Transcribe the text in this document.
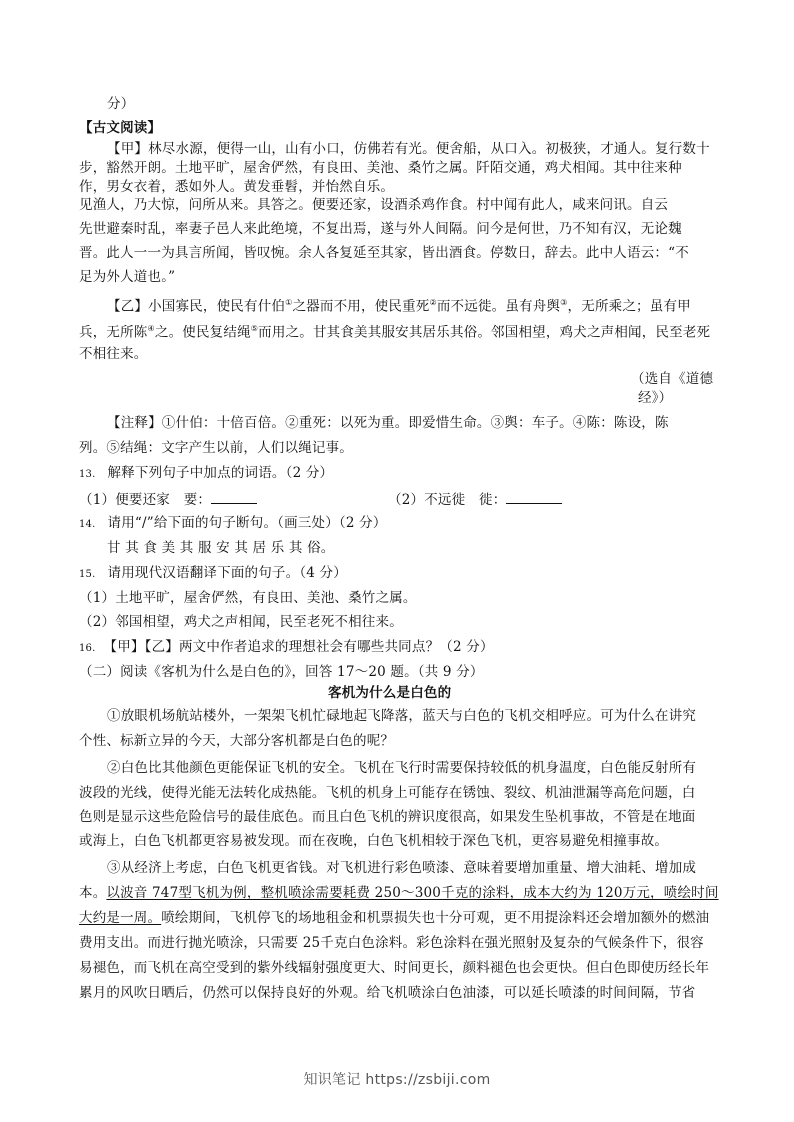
分）
【古文阅读】
【甲】林尽水源，便得一山，山有小口，仿佛若有光。便舍船，从口入。初极狭，才通人。复行数十
步，豁然开朗。土地平旷，屋舍俨然，有良田、美池、桑竹之属。阡陌交通，鸡犬相闻。其中往来种
作，男女衣着，悉如外人。黄发垂髫，并怡然自乐。
见渔人，乃大惊，问所从来。具答之。便要还家，设酒杀鸡作食。村中闻有此人，咸来问讯。自云
先世避秦时乱，率妻子邑人来此绝境，不复出焉，遂与外人间隔。问今是何世，乃不知有汉，无论魏
晋。此人一一为具言所闻，皆叹惋。余人各复延至其家，皆出酒食。停数日，辞去。此中人语云：“不
足为外人道也。”
【乙】小国寡民，使民有什伯①之器而不用，使民重死②而不远徙。虽有舟舆③，无所乘之；虽有甲
兵，无所陈④之。使民复结绳⑤而用之。甘其食美其服安其居乐其俗。邻国相望，鸡犬之声相闻，民至老死
不相往来。
（选自《道德
经》）
【注释】①什伯：十倍百倍。②重死：以死为重。即爱惜生命。③舆：车子。④陈：陈设，陈
列。⑤结绳：文字产生以前，人们以绳记事。
13. 解释下列句子中加点的词语。（2 分）
（1）便要还家　要：	（2）不远徙　徙：
14. 请用“/”给下面的句子断句。（画三处）（2 分）
甘 其 食 美 其 服 安 其 居 乐 其 俗。
15. 请用现代汉语翻译下面的句子。（4 分）
（1）土地平旷，屋舍俨然，有良田、美池、桑竹之属。
（2）邻国相望，鸡犬之声相闻，民至老死不相往来。
16. 【甲】【乙】两文中作者追求的理想社会有哪些共同点？（2 分）
（二）阅读《客机为什么是白色的》，回答 17～20 题。（共 9 分）
客机为什么是白色的
①放眼机场航站楼外，一架架飞机忙碌地起飞降落，蓝天与白色的飞机交相呼应。可为什么在讲究
个性、标新立异的今天，大部分客机都是白色的呢？
②白色比其他颜色更能保证飞机的安全。飞机在飞行时需要保持较低的机身温度，白色能反射所有
波段的光线，使得光能无法转化成热能。飞机的机身上可能存在锈蚀、裂纹、机油泄漏等高危问题，白
色则是显示这些危险信号的最佳底色。而且白色飞机的辨识度很高，如果发生坠机事故，不管是在地面
或海上，白色飞机都更容易被发现。而在夜晚，白色飞机相较于深色飞机，更容易避免相撞事故。
③从经济上考虑，白色飞机更省钱。对飞机进行彩色喷漆、意味着要增加重量、增大油耗、增加成
本。以波音 747型飞机为例，整机喷涂需要耗费 250～300千克的涂料，成本大约为 120万元，喷绘时间
大约是一周。喷绘期间，飞机停飞的场地租金和机票损失也十分可观，更不用提涂料还会增加额外的燃油
费用支出。而进行抛光喷涂，只需要 25千克白色涂料。彩色涂料在强光照射及复杂的气候条件下，很容
易褪色，而飞机在高空受到的紫外线辐射强度更大、时间更长，颜料褪色也会更快。但白色即使历经长年
累月的风吹日晒后，仍然可以保持良好的外观。给飞机喷涂白色油漆，可以延长喷漆的时间间隔，节省
知识笔记 https://zsbiji.com
